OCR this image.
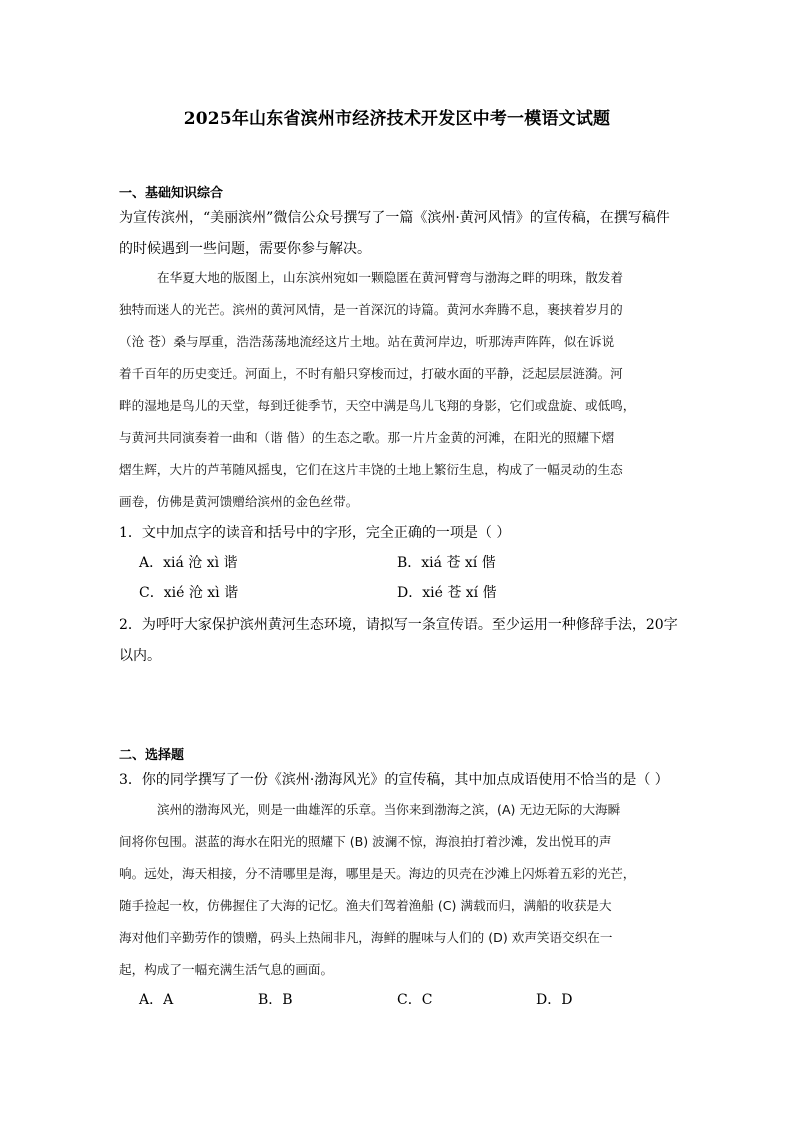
2025年山东省滨州市经济技术开发区中考一模语文试题
一、基础知识综合
为宣传滨州，“美丽滨州”微信公众号撰写了一篇《滨州·黄河风情》的宣传稿，在撰写稿件
的时候遇到一些问题，需要你参与解决。
在华夏大地的版图上，山东滨州宛如一颗隐匿在黄河臂弯与渤海之畔的明珠，散发着
独特而迷人的光芒。滨州的黄河风情，是一首深沉的诗篇。黄河水奔腾不息，裹挟着岁月的
（沧 苍）桑与厚重，浩浩荡荡地流经这片土地。站在黄河岸边，听那涛声阵阵，似在诉说
着千百年的历史变迁。河面上，不时有船只穿梭而过，打破水面的平静，泛起层层涟漪。河
畔的湿地是鸟儿的天堂，每到迁徙季节，天空中满是鸟儿飞翔的身影，它们或盘旋、或低鸣，
与黄河共同演奏着一曲和（谐 偕）的生态之歌。那一片片金黄的河滩，在阳光的照耀下熠
熠生辉，大片的芦苇随风摇曳，它们在这片丰饶的土地上繁衍生息，构成了一幅灵动的生态
画卷，仿佛是黄河馈赠给滨州的金色丝带。
1．文中加点字的读音和括号中的字形，完全正确的一项是（ ）
A．xiá 沧 xì 谐	B．xiá 苍 xí 偕
C．xié 沧 xì 谐	D．xié 苍 xí 偕
2．为呼吁大家保护滨州黄河生态环境，请拟写一条宣传语。至少运用一种修辞手法，20字
以内。
二、选择题
3．你的同学撰写了一份《滨州·渤海风光》的宣传稿，其中加点成语使用不恰当的是（ ）
滨州的渤海风光，则是一曲雄浑的乐章。当你来到渤海之滨，(A) 无边无际的大海瞬
间将你包围。湛蓝的海水在阳光的照耀下 (B) 波澜不惊，海浪拍打着沙滩，发出悦耳的声
响。远处，海天相接，分不清哪里是海，哪里是天。海边的贝壳在沙滩上闪烁着五彩的光芒，
随手捡起一枚，仿佛握住了大海的记忆。渔夫们驾着渔船 (C) 满载而归，满船的收获是大
海对他们辛勤劳作的馈赠，码头上热闹非凡，海鲜的腥味与人们的 (D) 欢声笑语交织在一
起，构成了一幅充满生活气息的画面。
A．A	B．B	C．C	D．D
